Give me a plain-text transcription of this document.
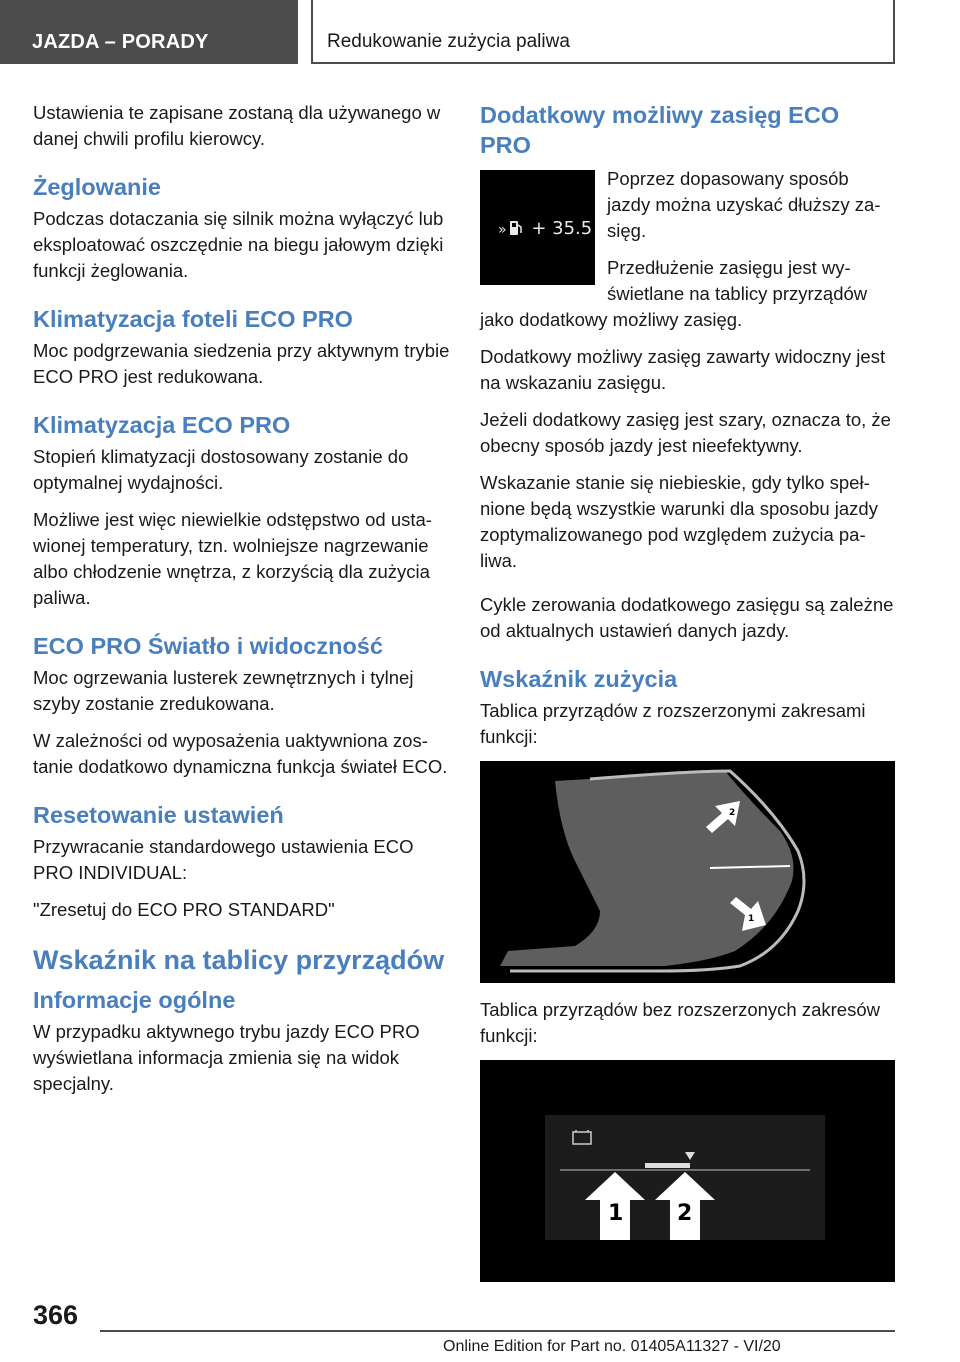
JAZDA – PORADY	Redukowanie zużycia paliwa

Ustawienia te zapisane zostaną dla używanego w danej chwili profilu kierowcy.

Żeglowanie

Podczas dotaczania się silnik można wyłączyć lub eksploatować oszczędnie na biegu jałowym dzięki funkcji żeglowania.

Klimatyzacja foteli ECO PRO

Moc podgrzewania siedzenia przy aktywnym trybie ECO PRO jest redukowana.

Klimatyzacja ECO PRO

Stopień klimatyzacji dostosowany zostanie do optymalnej wydajności.

Możliwe jest więc niewielkie odstępstwo od ustawionej temperatury, tzn. wolniejsze nagrzewanie albo chłodzenie wnętrza, z korzyścią dla zużycia paliwa.

ECO PRO Światło i widoczność

Moc ogrzewania lusterek zewnętrznych i tylnej szyby zostanie zredukowana.

W zależności od wyposażenia uaktywniona zostanie dodatkowo dynamiczna funkcja świateł ECO.

Resetowanie ustawień

Przywracanie standardowego ustawienia ECO PRO INDIVIDUAL:

"Zresetuj do ECO PRO STANDARD"

Wskaźnik na tablicy przyrządów
Informacje ogólne

W przypadku aktywnego trybu jazdy ECO PRO wyświetlana informacja zmienia się na widok specjalny.

Dodatkowy możliwy zasięg ECO PRO
» + 35.5

Poprzez dopasowany sposób jazdy można uzyskać dłuższy zasięg.

Przedłużenie zasięgu jest wyświetlane na tablicy przyrządów jako dodatkowy możliwy zasięg.

Dodatkowy możliwy zasięg zawarty widoczny jest na wskazaniu zasięgu.

Jeżeli dodatkowy zasięg jest szary, oznacza to, że obecny sposób jazdy jest nieefektywny.

Wskazanie stanie się niebieskie, gdy tylko spełnione będą wszystkie warunki dla sposobu jazdy zoptymalizowanego pod względem zużycia paliwa.

Cykle zerowania dodatkowego zasięgu są zależne od aktualnych ustawień danych jazdy.

Wskaźnik zużycia

Tablica przyrządów z rozszerzonymi zakresami funkcji:

2
1

Tablica przyrządów bez rozszerzonych zakresów funkcji:

1 2
366
Online Edition for Part no. 01405A11327 - VI/20
